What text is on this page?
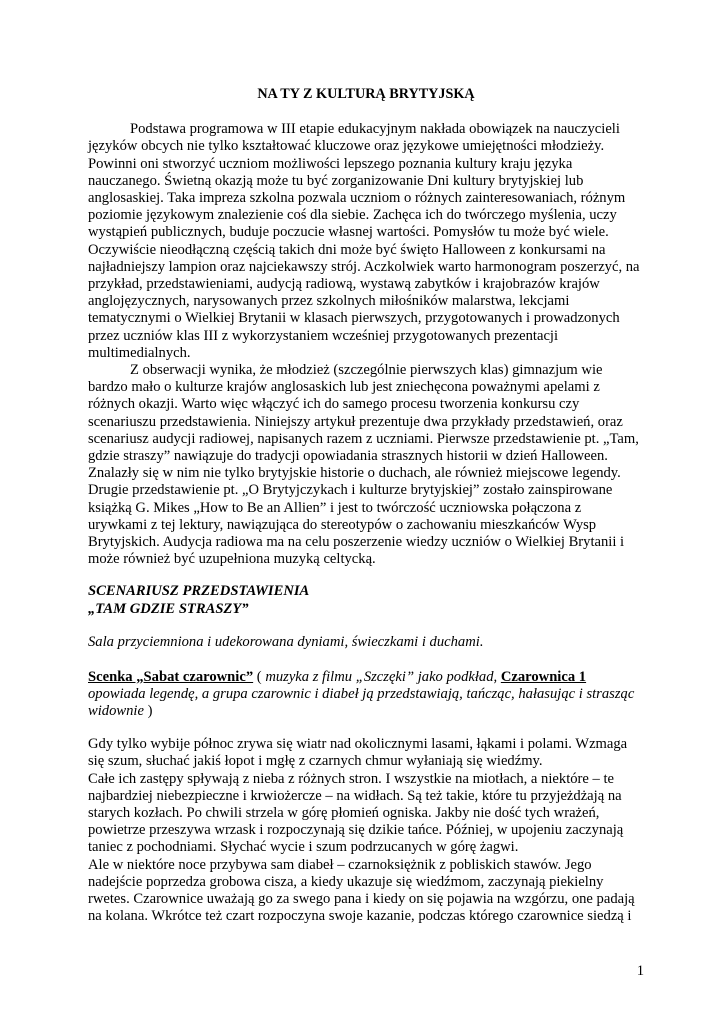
NA TY Z KULTURĄ BRYTYJSKĄ

Podstawa programowa w III etapie edukacyjnym nakłada obowiązek na nauczycieli języków obcych nie tylko kształtować kluczowe oraz językowe umiejętności młodzieży. Powinni oni stworzyć uczniom możliwości lepszego poznania kultury kraju języka nauczanego. Świetną okazją może tu być zorganizowanie Dni kultury brytyjskiej lub anglosaskiej. Taka impreza szkolna pozwala uczniom o różnych zainteresowaniach, różnym poziomie językowym znalezienie coś dla siebie. Zachęca ich do twórczego myślenia, uczy wystąpień publicznych, buduje poczucie własnej wartości. Pomysłów tu może być wiele. Oczywiście nieodłączną częścią takich dni może być święto Halloween z konkursami na najładniejszy lampion oraz najciekawszy strój. Aczkolwiek warto harmonogram poszerzyć, na przykład, przedstawieniami, audycją radiową, wystawą zabytków i krajobrazów krajów anglojęzycznych, narysowanych przez szkolnych miłośników malarstwa, lekcjami tematycznymi o Wielkiej Brytanii w klasach pierwszych, przygotowanych i prowadzonych przez uczniów klas III z wykorzystaniem wcześniej przygotowanych prezentacji multimedialnych.

Z obserwacji wynika, że młodzież (szczególnie pierwszych klas) gimnazjum wie bardzo mało o kulturze krajów anglosaskich lub jest zniechęcona poważnymi apelami z różnych okazji. Warto więc włączyć ich do samego procesu tworzenia konkursu czy scenariuszu przedstawienia. Niniejszy artykuł prezentuje dwa przykłady przedstawień, oraz scenariusz audycji radiowej, napisanych razem z uczniami. Pierwsze przedstawienie pt. „Tam, gdzie straszy” nawiązuje do tradycji opowiadania strasznych historii w dzień Halloween. Znalazły się w nim nie tylko brytyjskie historie o duchach, ale również miejscowe legendy. Drugie przedstawienie pt. „O Brytyjczykach i kulturze brytyjskiej” zostało zainspirowane książką G. Mikes „How to Be an Allien” i jest to twórczość uczniowska połączona z urywkami z tej lektury, nawiązująca do stereotypów o zachowaniu mieszkańców Wysp Brytyjskich. Audycja radiowa ma na celu poszerzenie wiedzy uczniów o Wielkiej Brytanii i może również być uzupełniona muzyką celtycką.

SCENARIUSZ PRZEDSTAWIENIA
„TAM GDZIE STRASZY”

Sala przyciemniona i udekorowana dyniami, świeczkami i duchami.

Scenka „Sabat czarownic” ( muzyka z filmu „Szczęki” jako podkład, Czarownica 1 opowiada legendę, a grupa czarownic i diabeł ją przedstawiają, tańcząc, hałasując i strasząc widownie )

Gdy tylko wybije północ zrywa się wiatr nad okolicznymi lasami, łąkami i polami. Wzmaga się szum, słuchać jakiś łopot i mgłę z czarnych chmur wyłaniają się wiedźmy.

Całe ich zastępy spływają z nieba z różnych stron. I wszystkie na miotłach, a niektóre – te najbardziej niebezpieczne i krwiożercze – na widłach. Są też takie, które tu przyjeżdżają na starych kozłach. Po chwili strzela w górę płomień ogniska. Jakby nie dość tych wrażeń, powietrze przeszywa wrzask i rozpoczynają się dzikie tańce. Później, w upojeniu zaczynają taniec z pochodniami. Słychać wycie i szum podrzucanych w górę żagwi.

Ale w niektóre noce przybywa sam diabeł – czarnoksiężnik z pobliskich stawów. Jego nadejście poprzedza grobowa cisza, a kiedy ukazuje się wiedźmom, zaczynają piekielny rwetes. Czarownice uważają go za swego pana i kiedy on się pojawia na wzgórzu, one padają na kolana. Wkrótce też czart rozpoczyna swoje kazanie, podczas którego czarownice siedzą i

1
